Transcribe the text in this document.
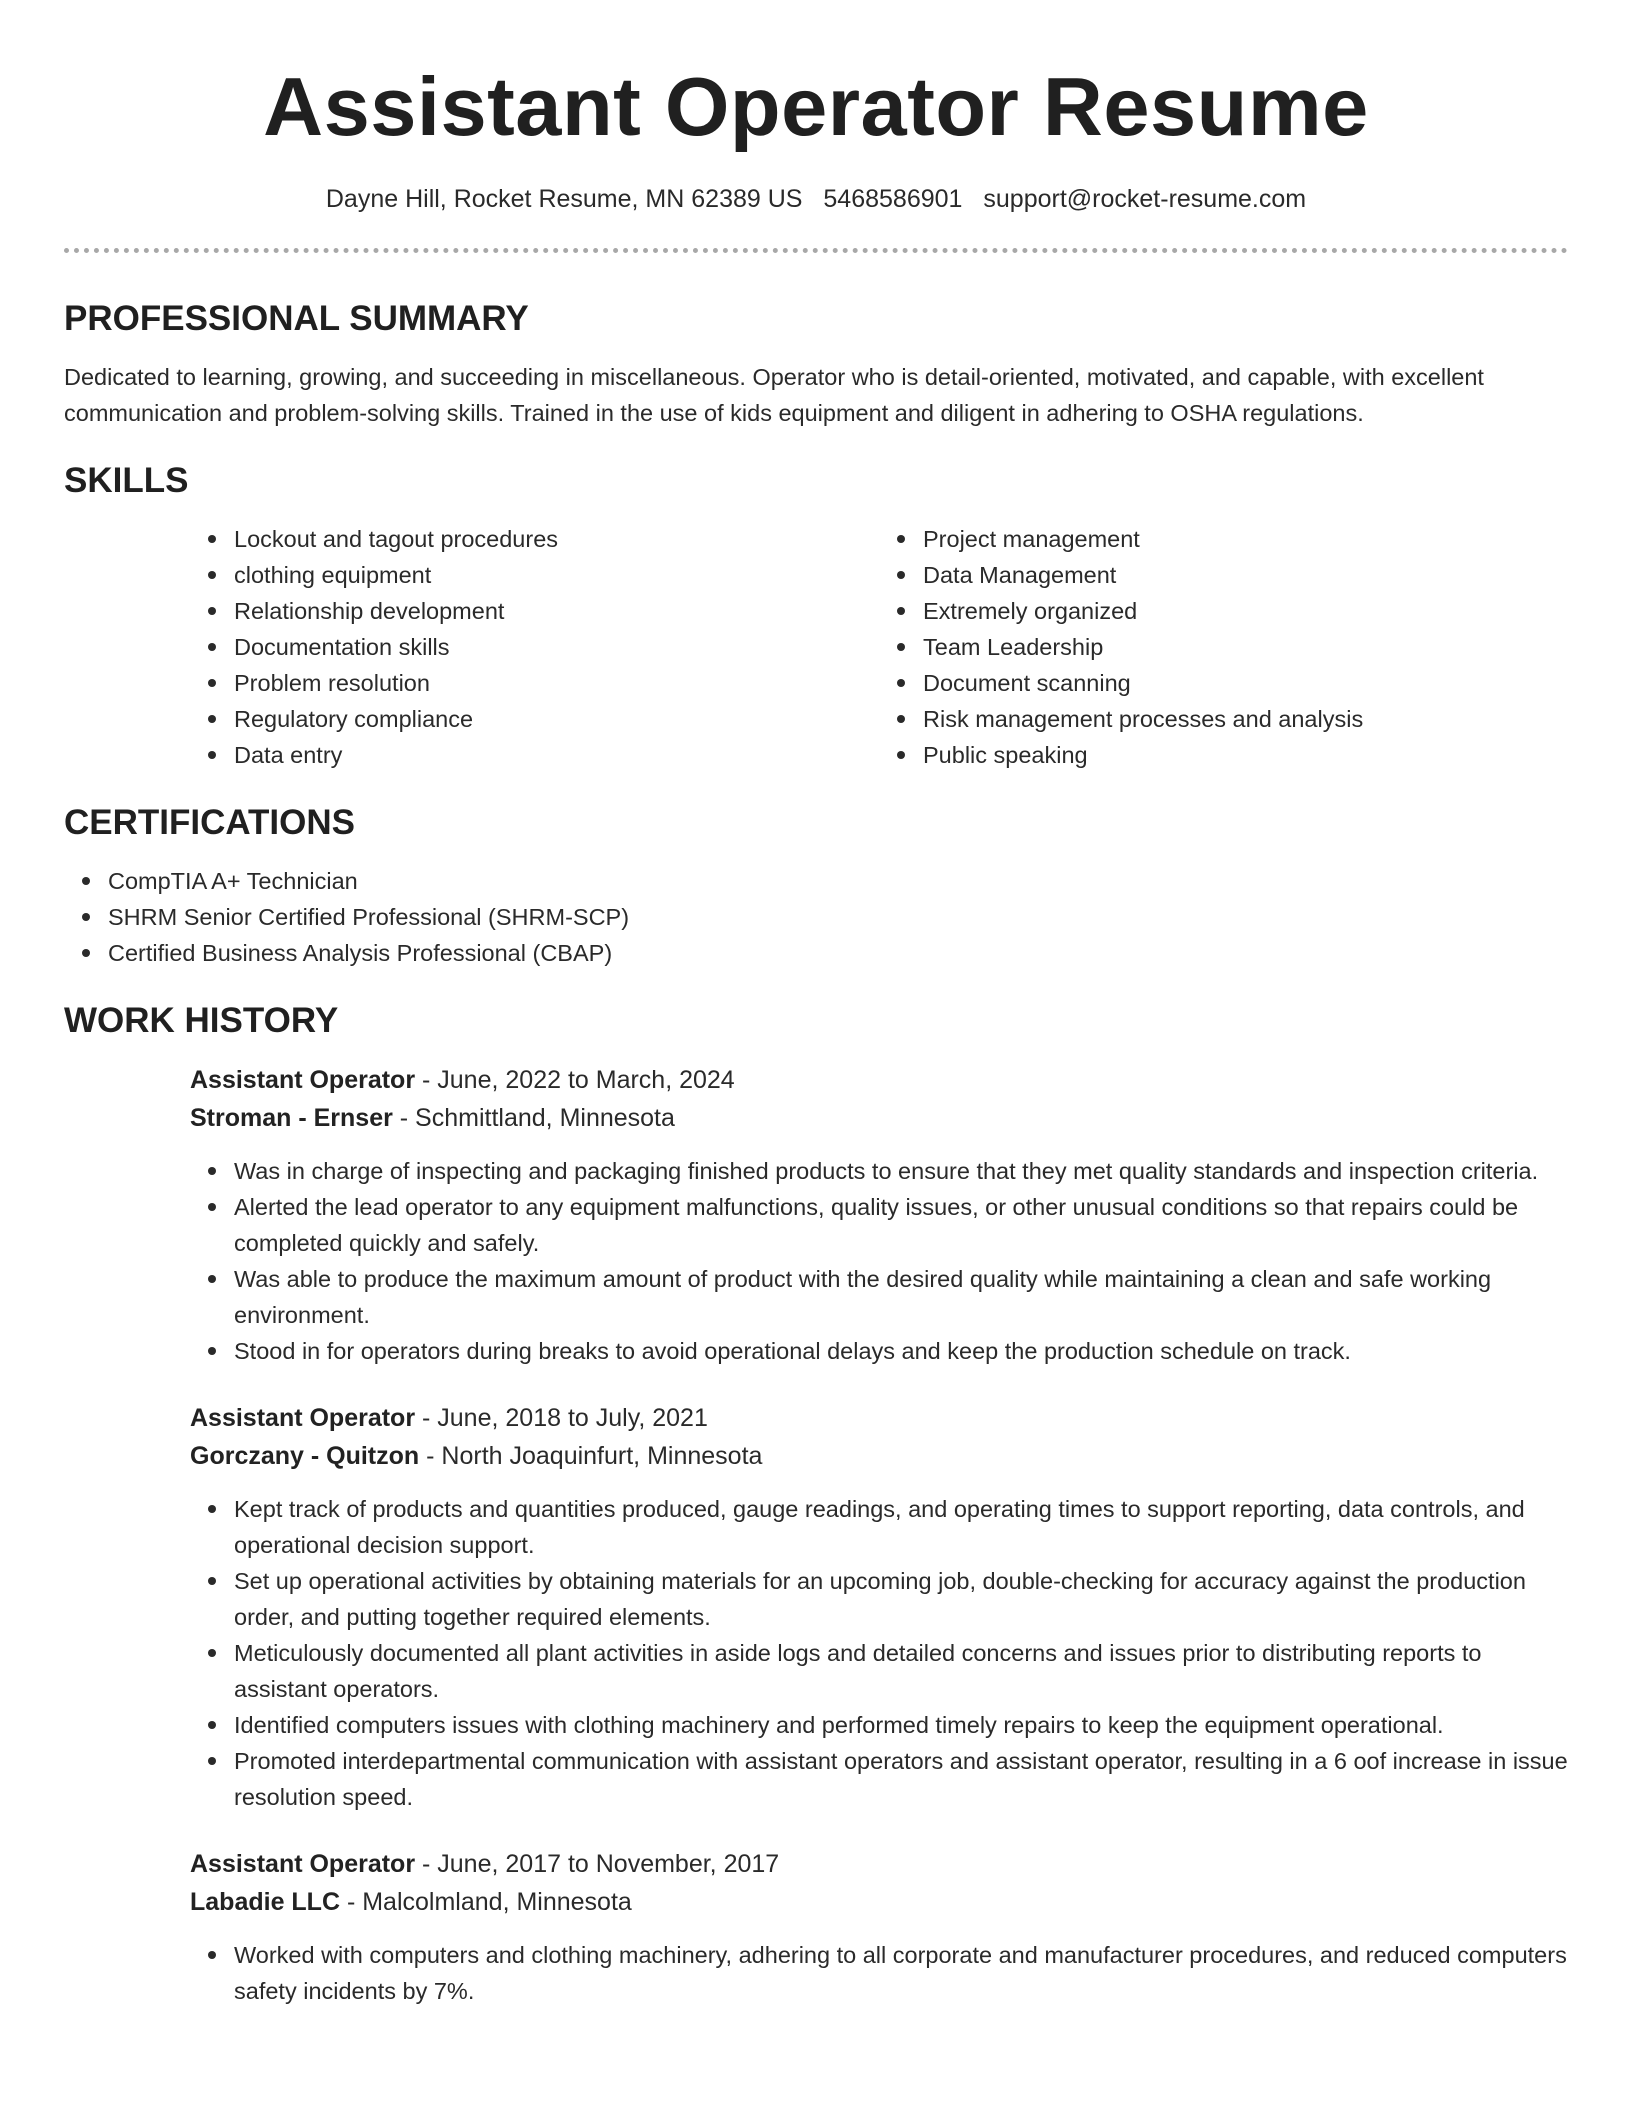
Assistant Operator Resume
Dayne Hill, Rocket Resume, MN 62389 US 5468586901 support@rocket-resume.com
PROFESSIONAL SUMMARY

Dedicated to learning, growing, and succeeding in miscellaneous. Operator who is detail-oriented, motivated, and capable, with excellent communication and problem-solving skills. Trained in the use of kids equipment and diligent in adhering to OSHA regulations.

SKILLS
Lockout and tagout procedures
clothing equipment
Relationship development
Documentation skills
Problem resolution
Regulatory compliance
Data entry
Project management
Data Management
Extremely organized
Team Leadership
Document scanning
Risk management processes and analysis
Public speaking
CERTIFICATIONS
CompTIA A+ Technician
SHRM Senior Certified Professional (SHRM-SCP)
Certified Business Analysis Professional (CBAP)
WORK HISTORY
Assistant Operator - June, 2022 to March, 2024
Stroman - Ernser - Schmittland, Minnesota
Was in charge of inspecting and packaging finished products to ensure that they met quality standards and inspection criteria.
Alerted the lead operator to any equipment malfunctions, quality issues, or other unusual conditions so that repairs could be completed quickly and safely.
Was able to produce the maximum amount of product with the desired quality while maintaining a clean and safe working environment.
Stood in for operators during breaks to avoid operational delays and keep the production schedule on track.
Assistant Operator - June, 2018 to July, 2021
Gorczany - Quitzon - North Joaquinfurt, Minnesota
Kept track of products and quantities produced, gauge readings, and operating times to support reporting, data controls, and operational decision support.
Set up operational activities by obtaining materials for an upcoming job, double-checking for accuracy against the production order, and putting together required elements.
Meticulously documented all plant activities in aside logs and detailed concerns and issues prior to distributing reports to assistant operators.
Identified computers issues with clothing machinery and performed timely repairs to keep the equipment operational.
Promoted interdepartmental communication with assistant operators and assistant operator, resulting in a 6 oof increase in issue resolution speed.
Assistant Operator - June, 2017 to November, 2017
Labadie LLC - Malcolmland, Minnesota
Worked with computers and clothing machinery, adhering to all corporate and manufacturer procedures, and reduced computers safety incidents by 7%.
